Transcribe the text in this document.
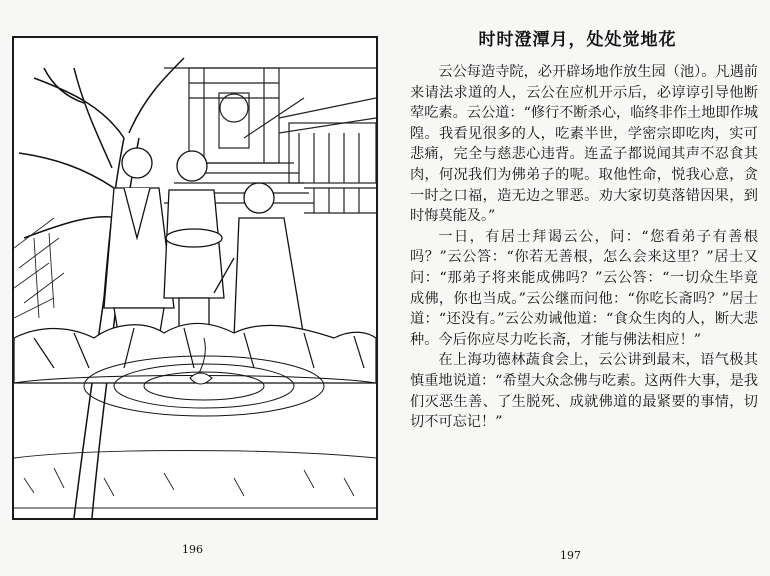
196
时时澄潭月，处处觉地花

云公每造寺院，必开辟场地作放生园（池）。凡遇前来请法求道的人，云公在应机开示后，必谆谆引导他断荤吃素。云公道：“修行不断杀心，临终非作土地即作城隍。我看见很多的人，吃素半世，学密宗即吃肉，实可悲痛，完全与慈悲心违背。连孟子都说闻其声不忍食其肉，何况我们为佛弟子的呢。取他性命，悦我心意，贪一时之口福，造无边之罪恶。劝大家切莫落错因果，到时悔莫能及。”

一日，有居士拜谒云公，问：“您看弟子有善根吗？”云公答：“你若无善根，怎么会来这里？”居士又问：“那弟子将来能成佛吗？”云公答：“一切众生毕竟成佛，你也当成。”云公继而问他：“你吃长斋吗？”居士道：“还没有。”云公劝诫他道：“食众生肉的人，断大悲种。今后你应尽力吃长斋，才能与佛法相应！”

在上海功德林蔬食会上，云公讲到最末，语气极其慎重地说道：“希望大众念佛与吃素。这两件大事，是我们灭恶生善、了生脱死、成就佛道的最紧要的事情，切切不可忘记！”

197
